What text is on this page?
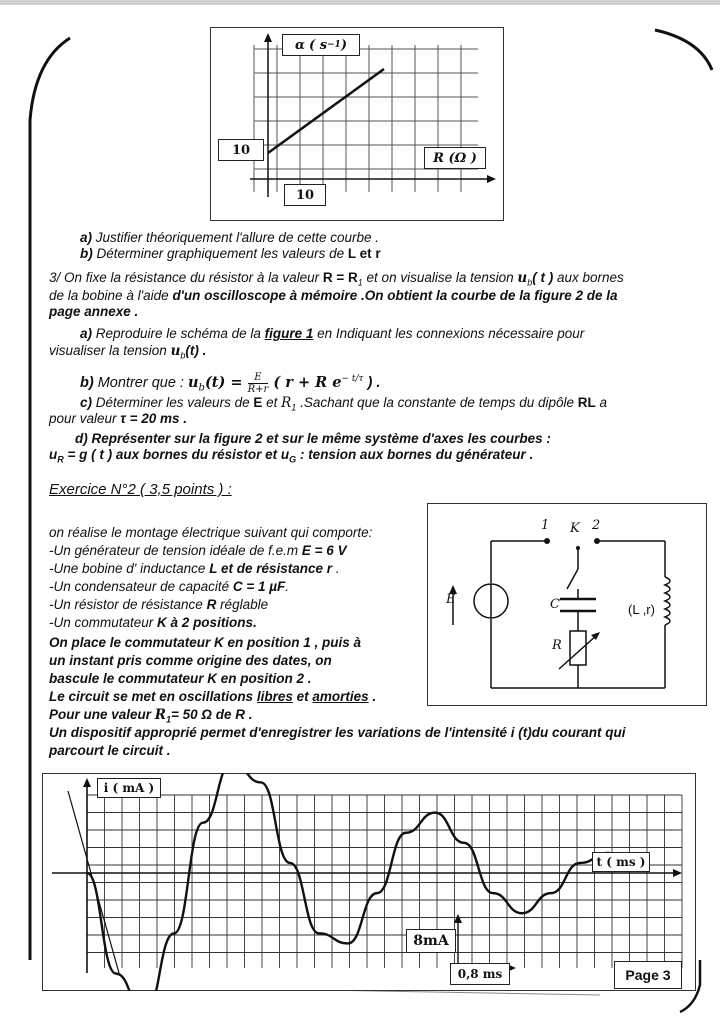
α ( s −1 )
R (Ω )
10
10
a) Justifier théoriquement l'allure de cette courbe .
b) Déterminer graphiquement les valeurs de L et r
3/ On fixe la résistance du résistor à la valeur $R = R_1$ et on visualise la tension $u_b$( t ) aux bornes
de la bobine à l'aide d'un oscilloscope à mémoire .On obtient la courbe de la figure 2 de la
page annexe .
a) Reproduire le schéma de la figure 1 en Indiquant les connexions nécessaire pour
visualiser la tension $u_b(t)$ .
b) Montrer que : $u_b(t) = \frac{E}{R+r}$ ( r + R $e^{- t/\tau}$ ) .
c) Déterminer les valeurs de E et $R_1$ .Sachant que la constante de temps du dipôle RL a
pour valeur τ = 20 ms .
d) Représenter sur la figure 2 et sur le même système d'axes les courbes :
$u_R = g$ ( t ) aux bornes du résistor et $u_G$ : tension aux bornes du générateur .
Exercice N°2 ( 3,5 points ) :
on réalise le montage électrique suivant qui comporte:
-Un générateur de tension idéale de f.e.m E = 6 V
-Une bobine d' inductance L et de résistance r .
-Un condensateur de capacité C = 1 µF.
-Un résistor de résistance R réglable
-Un commutateur K à 2 positions.
On place le commutateur K en position 1 , puis à
un instant pris comme origine des dates, on
bascule le commutateur K en position 2 .
Le circuit se met en oscillations libres et amorties .
Pour une valeur $R_1= 50$ Ω de R .
Un dispositif approprié permet d'enregistrer les variations de l'intensité i (t)du courant qui
parcourt le circuit .
1 K 2
E	C
R
(L ,r)
i ( mA )
t ( ms )
8mA
0,8 ms	Page 3
